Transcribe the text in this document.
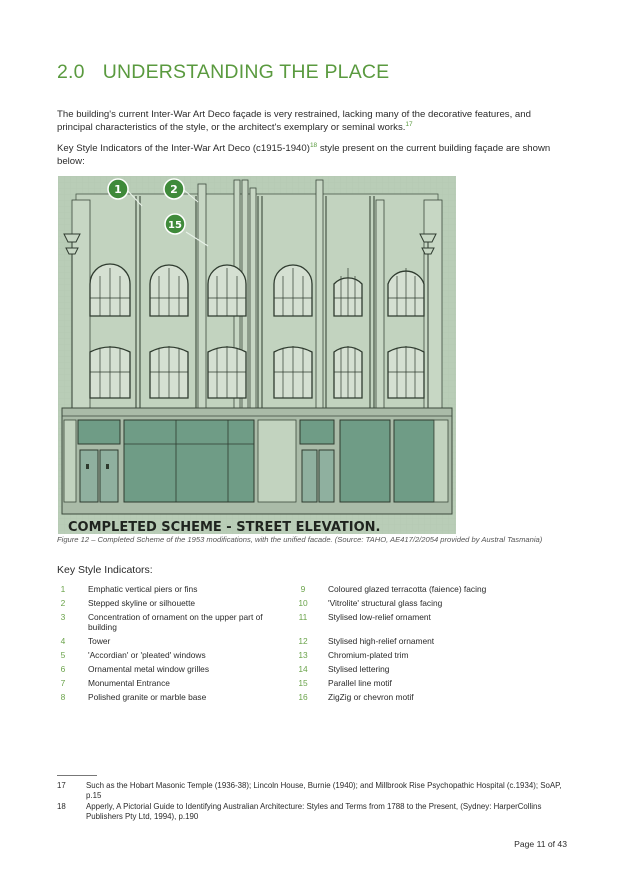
2.0 UNDERSTANDING THE PLACE

The building's current Inter-War Art Deco façade is very restrained, lacking many of the decorative features, and principal characteristics of the style, or the architect's exemplary or seminal works.$^{17}$

Key Style Indicators of the Inter-War Art Deco $(c1915-1940)^{18}$ style present on the current building façade are shown below:

COMPLETED SCHEME - STREET ELEVATION.
1	2
15

Figure 12 – Completed Scheme of the 1953 modifications, with the unified facade. (Source: TAHO, AE417/2/2054 provided by Austral Tasmania)

Key Style Indicators:

1	Emphatic vertical piers or fins
2	Stepped skyline or silhouette
3	Concentration of ornament on the upper part of building
4	Tower
5	'Accordian' or 'pleated' windows
6	Ornamental metal window grilles
7	Monumental Entrance
8	Polished granite or marble base
9	Coloured glazed terracotta (faience) facing
10 'Vitrolite' structural glass facing
11 Stylised low-relief ornament
12 Stylised high-relief ornament
13 Chromium-plated trim
14 Stylised lettering
15 Parallel line motif
16 ZigZig or chevron motif

17	Such as the Hobart Masonic Temple (1936-38); Lincoln House, Burnie (1940); and Millbrook Rise Psychopathic Hospital (c.1934); SoAP, p.15

18	Apperly, A Pictorial Guide to Identifying Australian Architecture: Styles and Terms from 1788 to the Present, (Sydney: HarperCollins Publishers Pty Ltd, 1994), p.190

Page 11 of 43
